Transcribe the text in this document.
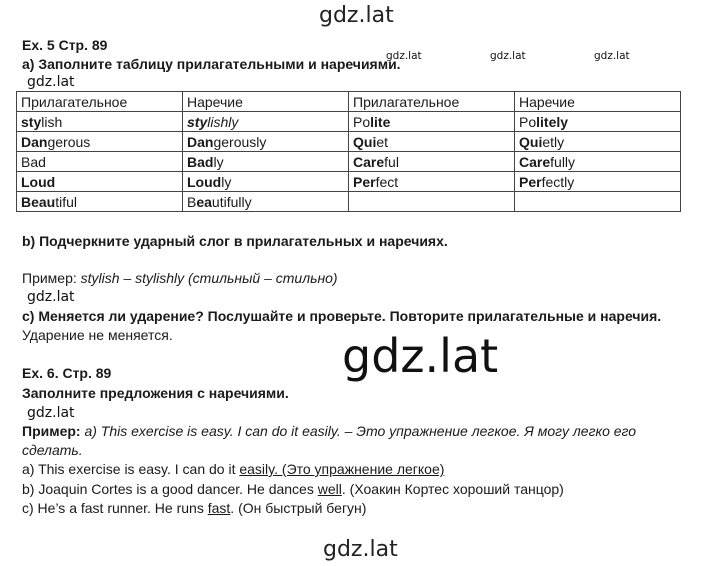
gdz.lat
gdz.lat	gdz.lat	gdz.lat
gdz.lat
gdz.lat
gdz.lat
gdz.lat
gdz.lat
Ex. 5 Стр. 89
a) Заполните таблицу прилагательными и наречиями.
Прилагательное	Наречие	Прилагательное	Наречие
stylish	stylishly	Polite	Politely
Dangerous	Dangerously	Quiet	Quietly
Bad	Badly	Careful	Carefully
Loud	Loudly	Perfect	Perfectly
Beautiful	Beautifully		
b) Подчеркните ударный слог в прилагательных и наречиях.
Пример: stylish – stylishly (стильный – стильно)
c) Меняется ли ударение? Послушайте и проверьте. Повторите прилагательные и наречия.
Ударение не меняется.
Ex. 6. Стр. 89
Заполните предложения с наречиями.
Пример: a) This exercise is easy. I can do it easily. – Это упражнение легкое. Я могу легко его
сделать.
a) This exercise is easy. I can do it easily. (Это упражнение легкое)
b) Joaquin Cortes is a good dancer. He dances well. (Хоакин Кортес хороший танцор)
c) He’s a fast runner. He runs fast. (Он быстрый бегун)
